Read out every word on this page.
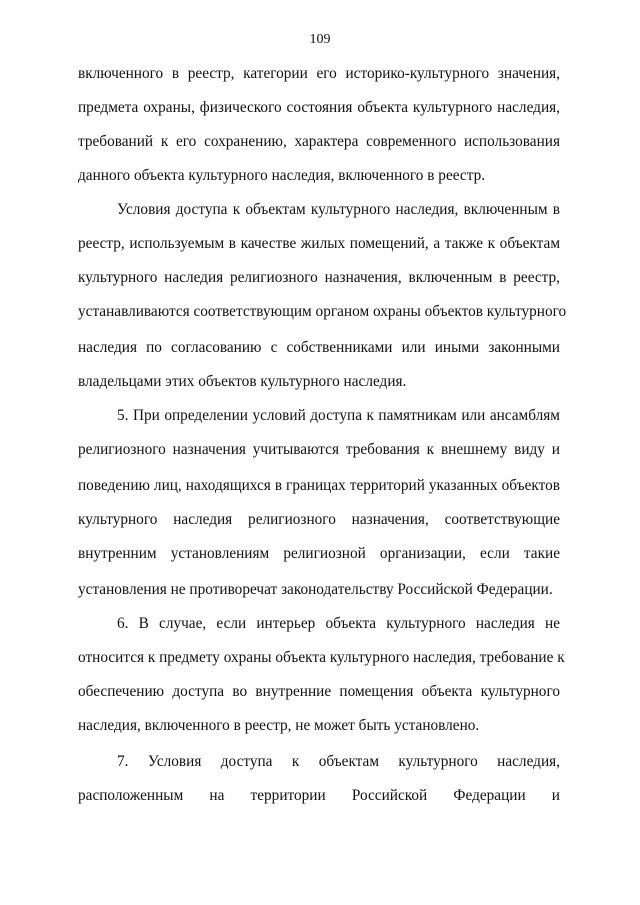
109
включенного в реестр, категории его историко-культурного значения,
предмета охраны, физического состояния объекта культурного наследия,
требований к его сохранению, характера современного использования
данного объекта культурного наследия, включенного в реестр.
Условия доступа к объектам культурного наследия, включенным в
реестр, используемым в качестве жилых помещений, а также к объектам
культурного наследия религиозного назначения, включенным в реестр,
устанавливаются соответствующим органом охраны объектов культурного
наследия по согласованию с собственниками или иными законными
владельцами этих объектов культурного наследия.
5. При определении условий доступа к памятникам или ансамблям
религиозного назначения учитываются требования к внешнему виду и
поведению лиц, находящихся в границах территорий указанных объектов
культурного наследия религиозного назначения, соответствующие
внутренним установлениям религиозной организации, если такие
установления не противоречат законодательству Российской Федерации.
6. В случае, если интерьер объекта культурного наследия не
относится к предмету охраны объекта культурного наследия, требование к
обеспечению доступа во внутренние помещения объекта культурного
наследия, включенного в реестр, не может быть установлено.
7. Условия доступа к объектам культурного наследия,
расположенным на территории Российской Федерации и
